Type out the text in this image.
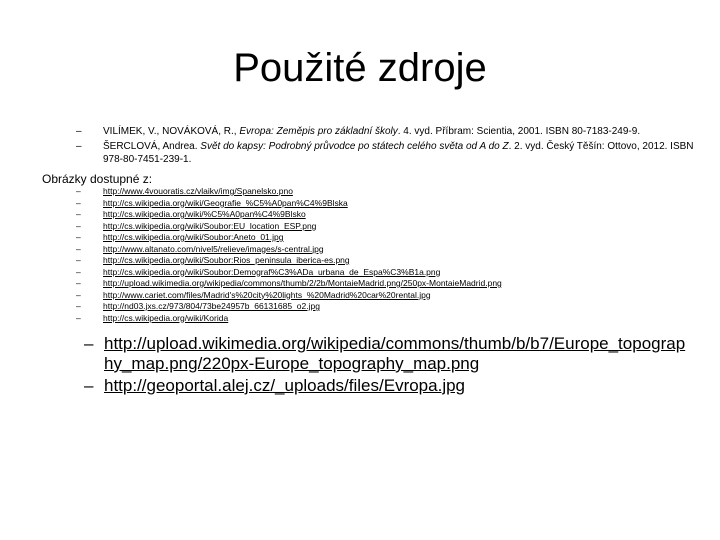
Použité zdroje
– VILÍMEK, V., NOVÁKOVÁ, R., Evropa: Zeměpis pro základní školy. 4. vyd. Příbram: Scientia, 2001. ISBN 80-7183-249-9.
– ŠERCLOVÁ, Andrea. Svět do kapsy: Podrobný průvodce po státech celého světa od A do Z. 2. vyd. Český Těšín: Ottovo, 2012. ISBN 978-80-7451-239-1.
Obrázky dostupné z:
–	http://www.4vouoratis.cz/vlaikv/img/Spanelsko.pno
–	http://cs.wikipedia.org/wiki/Geografie_%C5%A0pan%C4%9Blska
–	http://cs.wikipedia.org/wiki/%C5%A0pan%C4%9Blsko
–	http://cs.wikipedia.org/wiki/Soubor:EU_location_ESP.png
–	http://cs.wikipedia.org/wiki/Soubor:Aneto_01.jpg
–	http://www.altanato.com/nivel5/relieve/images/s-central.jpg
–	http://cs.wikipedia.org/wiki/Soubor:Rios_peninsula_iberica-es.png
–	http://cs.wikipedia.org/wiki/Soubor:Demograf%C3%ADa_urbana_de_Espa%C3%B1a.png
–	http://upload.wikimedia.org/wikipedia/commons/thumb/2/2b/MontaieMadrid.png/250px-MontaieMadrid.png
–	http://www.cariet.com/files/Madrid's%20city%20lights_%20Madrid%20car%20rental.jpg
–	http://nd03.jxs.cz/973/804/73be24957b_66131685_o2.jpg
–	http://cs.wikipedia.org/wiki/Korida
– http://upload.wikimedia.org/wikipedia/commons/thumb/b/b7/Europe_topography_map.png/220px-Europe_topography_map.png
– http://geoportal.alej.cz/_uploads/files/Evropa.jpg
